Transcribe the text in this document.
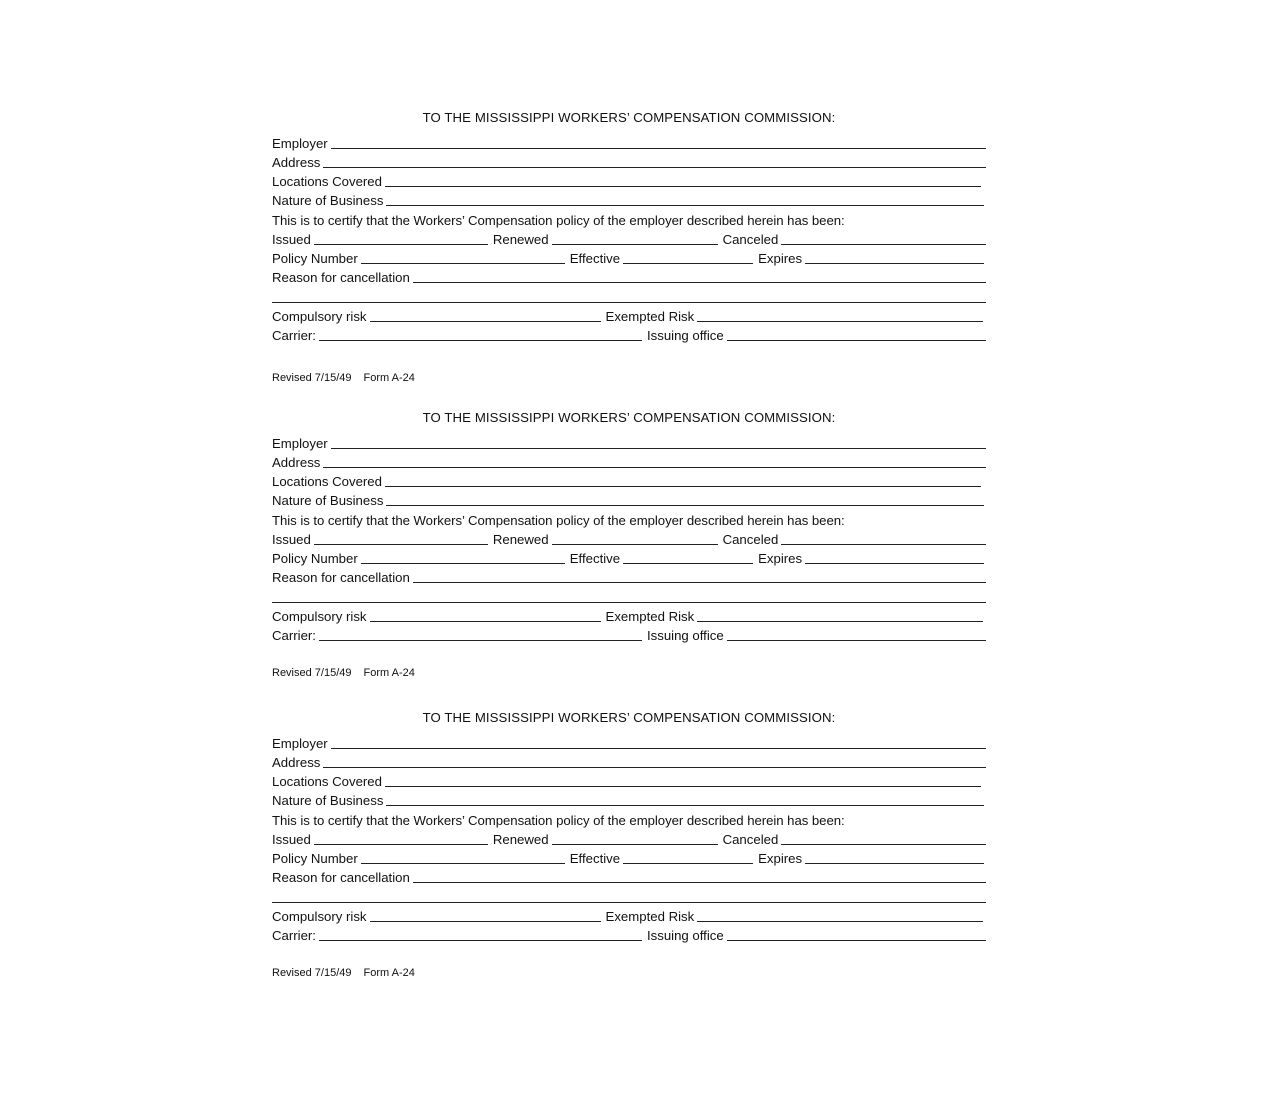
TO THE MISSISSIPPI WORKERS’ COMPENSATION COMMISSION:
Employer
Address
Locations Covered
Nature of Business
This is to certify that the Workers’ Compensation policy of the employer described herein has been:
Issued	Renewed	Canceled
Policy Number	Effective	Expires
Reason for cancellation
Compulsory risk	Exempted Risk
Carrier:	Issuing office
Revised 7/15/49 Form A-24
TO THE MISSISSIPPI WORKERS’ COMPENSATION COMMISSION:
Employer
Address
Locations Covered
Nature of Business
This is to certify that the Workers’ Compensation policy of the employer described herein has been:
Issued	Renewed	Canceled
Policy Number	Effective	Expires
Reason for cancellation
Compulsory risk	Exempted Risk
Carrier:	Issuing office
Revised 7/15/49 Form A-24
TO THE MISSISSIPPI WORKERS’ COMPENSATION COMMISSION:
Employer
Address
Locations Covered
Nature of Business
This is to certify that the Workers’ Compensation policy of the employer described herein has been:
Issued	Renewed	Canceled
Policy Number	Effective	Expires
Reason for cancellation
Compulsory risk	Exempted Risk
Carrier:	Issuing office
Revised 7/15/49 Form A-24
